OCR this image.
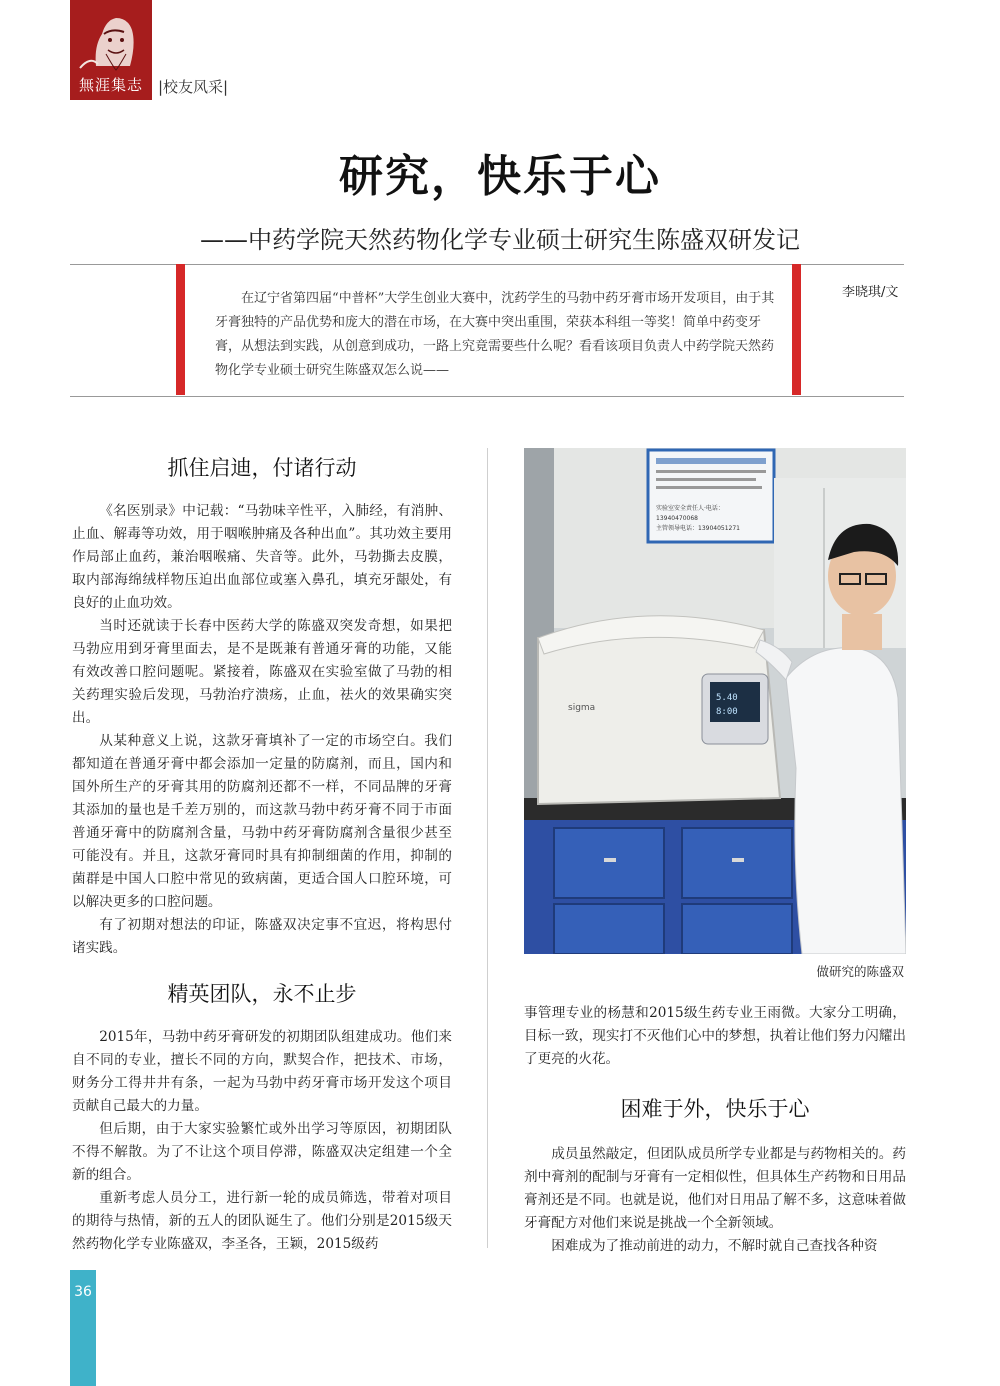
無涯集志	|校友风采|
研究，快乐于心
——中药学院天然药物化学专业硕士研究生陈盛双研发记

在辽宁省第四届“中普杯”大学生创业大赛中，沈药学生的马勃中药牙膏市场开发项目，由于其牙膏独特的产品优势和庞大的潜在市场，在大赛中突出重围，荣获本科组一等奖！简单中药变牙膏，从想法到实践，从创意到成功，一路上究竟需要些什么呢？看看该项目负责人中药学院天然药物化学专业硕士研究生陈盛双怎么说——

李晓琪/文
抓住启迪，付诸行动

《名医别录》中记载：“马勃味辛性平，入肺经，有消肿、止血、解毒等功效，用于咽喉肿痛及各种出血”。其功效主要用作局部止血药，兼治咽喉痛、失音等。此外，马勃撕去皮膜，取内部海绵绒样物压迫出血部位或塞入鼻孔，填充牙龈处，有良好的止血功效。

当时还就读于长春中医药大学的陈盛双突发奇想，如果把马勃应用到牙膏里面去，是不是既兼有普通牙膏的功能，又能有效改善口腔问题呢。紧接着，陈盛双在实验室做了马勃的相关药理实验后发现，马勃治疗溃疡，止血，祛火的效果确实突出。

从某种意义上说，这款牙膏填补了一定的市场空白。我们都知道在普通牙膏中都会添加一定量的防腐剂，而且，国内和国外所生产的牙膏其用的防腐剂还都不一样，不同品牌的牙膏其添加的量也是千差万别的，而这款马勃中药牙膏不同于市面普通牙膏中的防腐剂含量，马勃中药牙膏防腐剂含量很少甚至可能没有。并且，这款牙膏同时具有抑制细菌的作用，抑制的菌群是中国人口腔中常见的致病菌，更适合国人口腔环境，可以解决更多的口腔问题。

有了初期对想法的印证，陈盛双决定事不宜迟，将构思付诸实践。

精英团队，永不止步

2015年，马勃中药牙膏研发的初期团队组建成功。他们来自不同的专业，擅长不同的方向，默契合作，把技术、市场，财务分工得井井有条，一起为马勃中药牙膏市场开发这个项目贡献自己最大的力量。

但后期，由于大家实验繁忙或外出学习等原因，初期团队不得不解散。为了不让这个项目停滞，陈盛双决定组建一个全新的组合。

重新考虑人员分工，进行新一轮的成员筛选，带着对项目的期待与热情，新的五人的团队诞生了。他们分别是2015级天然药物化学专业陈盛双，李圣各，王颖，2015级药

实验室安全责任人·电话：
13940470068
主管领导电话：13904051271
5.40
8:00
sigma
做研究的陈盛双

事管理专业的杨慧和2015级生药专业王雨微。大家分工明确，目标一致，现实打不灭他们心中的梦想，执着让他们努力闪耀出了更亮的火花。

困难于外，快乐于心

成员虽然敲定，但团队成员所学专业都是与药物相关的。药剂中膏剂的配制与牙膏有一定相似性，但具体生产药物和日用品膏剂还是不同。也就是说，他们对日用品了解不多，这意味着做牙膏配方对他们来说是挑战一个全新领域。

困难成为了推动前进的动力，不解时就自己查找各种资

36
